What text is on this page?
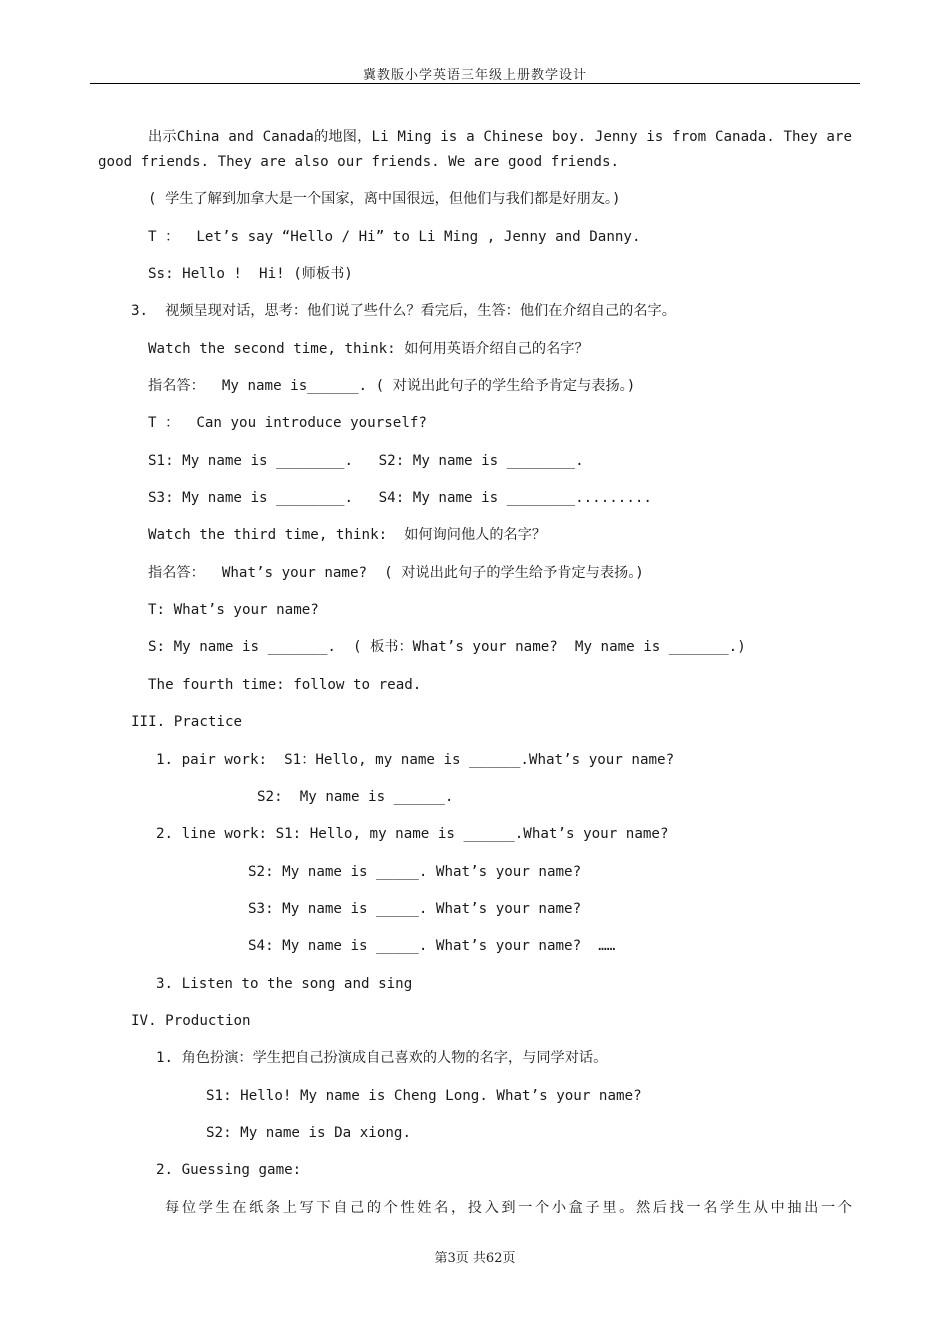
冀教版小学英语三年级上册教学设计
出示China and Canada的地图，Li Ming is a Chinese boy. Jenny is from Canada. They are
good friends. They are also our friends. We are good friends.
( 学生了解到加拿大是一个国家，离中国很远，但他们与我们都是好朋友。)
T ：  Let’s say “Hello / Hi” to Li Ming , Jenny and Danny.
Ss: Hello !  Hi! (师板书)
3.  视频呈现对话，思考：他们说了些什么？看完后，生答：他们在介绍自己的名字。
Watch the second time, think: 如何用英语介绍自己的名字？
指名答：  My name is______. ( 对说出此句子的学生给予肯定与表扬。)
T ：  Can you introduce yourself?
S1: My name is ________.   S2: My name is ________.
S3: My name is ________.   S4: My name is ________.........
Watch the third time, think:  如何询问他人的名字？
指名答：  What’s your name?  ( 对说出此句子的学生给予肯定与表扬。)
T: What’s your name?
S: My name is _______.  ( 板书：What’s your name?  My name is _______.)
The fourth time: follow to read.
III. Practice
1. pair work:  S1：Hello, my name is ______.What’s your name?
S2:  My name is ______.
2. line work: S1: Hello, my name is ______.What’s your name?
S2: My name is _____. What’s your name?
S3: My name is _____. What’s your name?
S4: My name is _____. What’s your name?  ……
3. Listen to the song and sing
IV. Production
1. 角色扮演：学生把自己扮演成自己喜欢的人物的名字，与同学对话。
S1: Hello! My name is Cheng Long. What’s your name?
S2: My name is Da xiong.
2. Guessing game:
每位学生在纸条上写下自己的个性姓名，投入到一个小盒子里。然后找一名学生从中抽出一个
第3页 共62页
